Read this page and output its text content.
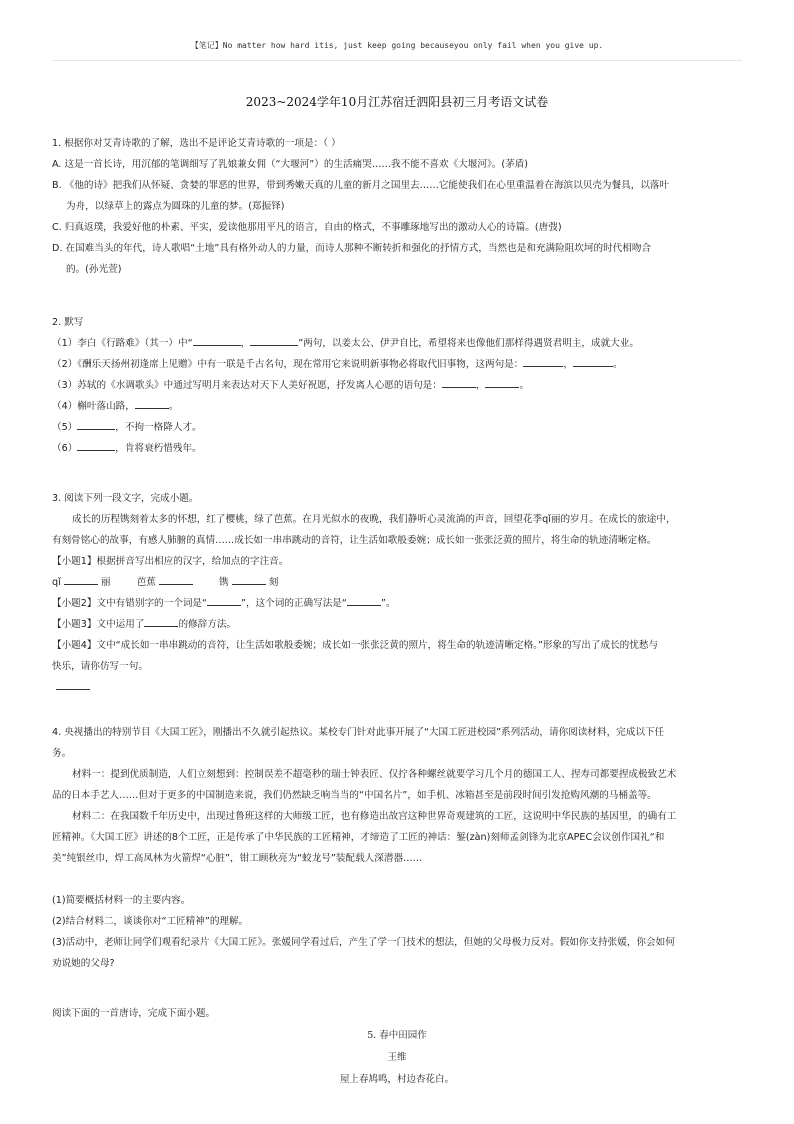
【笔记】No matter how hard itis, just keep going becauseyou only fail when you give up.
2023~2024学年10月江苏宿迁泗阳县初三月考语文试卷
1. 根据你对艾青诗歌的了解，选出不是评论艾青诗歌的一项是：（ ）
A. 这是一首长诗，用沉郁的笔调细写了乳娘兼女佣（“大堰河”）的生活痛哭……我不能不喜欢《大堰河》。(茅盾)
B. 《他的诗》把我们从怀疑、贪婪的罪恶的世界，带到秀嫩天真的儿童的新月之国里去……它能使我们在心里重温着在海滨以贝壳为餐具，以落叶
为舟，以绿草上的露点为圆珠的儿童的梦。(郑振铎)
C. 归真返璞，我爱好他的朴素、平实，爱读他那用平凡的语言，自由的格式，不事雕琢地写出的激动人心的诗篇。(唐弢)
D. 在国难当头的年代，诗人歌唱“土地”具有格外动人的力量，而诗人那种不断转折和强化的抒情方式，当然也是和充满险阻坎坷的时代相吻合
的。(孙光萱)
2. 默写
（1）李白《行路难》（其一）中“	，	”两句，以姜太公、伊尹自比，希望将来也像他们那样得遇贤君明主，成就大业。
（2）《酬乐天扬州初逢席上见赠》中有一联是千古名句，现在常用它来说明新事物必将取代旧事物，这两句是：	，	。
（3）苏轼的《水调歌头》中通过写明月来表达对天下人美好祝愿，抒发离人心愿的语句是：	，	。
（4）槲叶落山路，	。
（5）	，不拘一格降人才。
（6）	，肯将衰朽惜残年。
3. 阅读下列一段文字，完成小题。
成长的历程镌刻着太多的怀想，红了樱桃，绿了芭蕉。在月光似水的夜晚，我们静听心灵流淌的声音，回望花季qǐ丽的岁月。在成长的旅途中，
有刻骨铭心的故事，有感人肺腑的真情……成长如一串串跳动的音符，让生活如歌般委婉；成长如一张张泛黄的照片，将生命的轨迹清晰定格。
【小题1】根据拼音写出相应的汉字，给加点的字注音。
qǐ	丽	芭蕉	镌	刻
【小题2】文中有错别字的一个词是“	”，这个词的正确写法是“	”。
【小题3】文中运用了	的修辞方法。
【小题4】文中“成长如一串串跳动的音符，让生活如歌般委婉；成长如一张张泛黄的照片，将生命的轨迹清晰定格。”形象的写出了成长的忧愁与
快乐，请你仿写一句。
4. 央视播出的特别节目《大国工匠》，刚播出不久就引起热议。某校专门针对此事开展了“大国工匠进校园”系列活动，请你阅读材料，完成以下任
务。
材料一：提到优质制造，人们立刻想到：控制误差不超毫秒的瑞士钟表匠、仅拧各种螺丝就要学习几个月的德国工人、捏寿司都要捏成极致艺术
品的日本手艺人……但对于更多的中国制造来说，我们仍然缺乏响当当的“中国名片”，如手机、冰箱甚至是前段时间引发抢购风潮的马桶盖等。
材料二：在我国数千年历史中，出现过鲁班这样的大师级工匠，也有修造出故宫这种世界奇观建筑的工匠，这说明中华民族的基因里，的确有工
匠精神。《大国工匠》讲述的8个工匠，正是传承了中华民族的工匠精神，才缔造了工匠的神话：錾(zàn)刻师孟剑锋为北京APEC会议创作国礼“和
美”纯银丝巾，焊工高凤林为火箭焊“心脏”，钳工顾秋亮为“蛟龙号”装配载人深潜器……
(1)简要概括材料一的主要内容。
(2)结合材料二，谈谈你对“工匠精神”的理解。
(3)活动中，老师让同学们观看纪录片《大国工匠》。张媛同学看过后，产生了学一门技术的想法，但她的父母极力反对。假如你支持张媛，你会如何
劝说她的父母?
阅读下面的一首唐诗，完成下面小题。
5. 春中田园作
王维
屋上春鸠鸣，村边杏花白。
